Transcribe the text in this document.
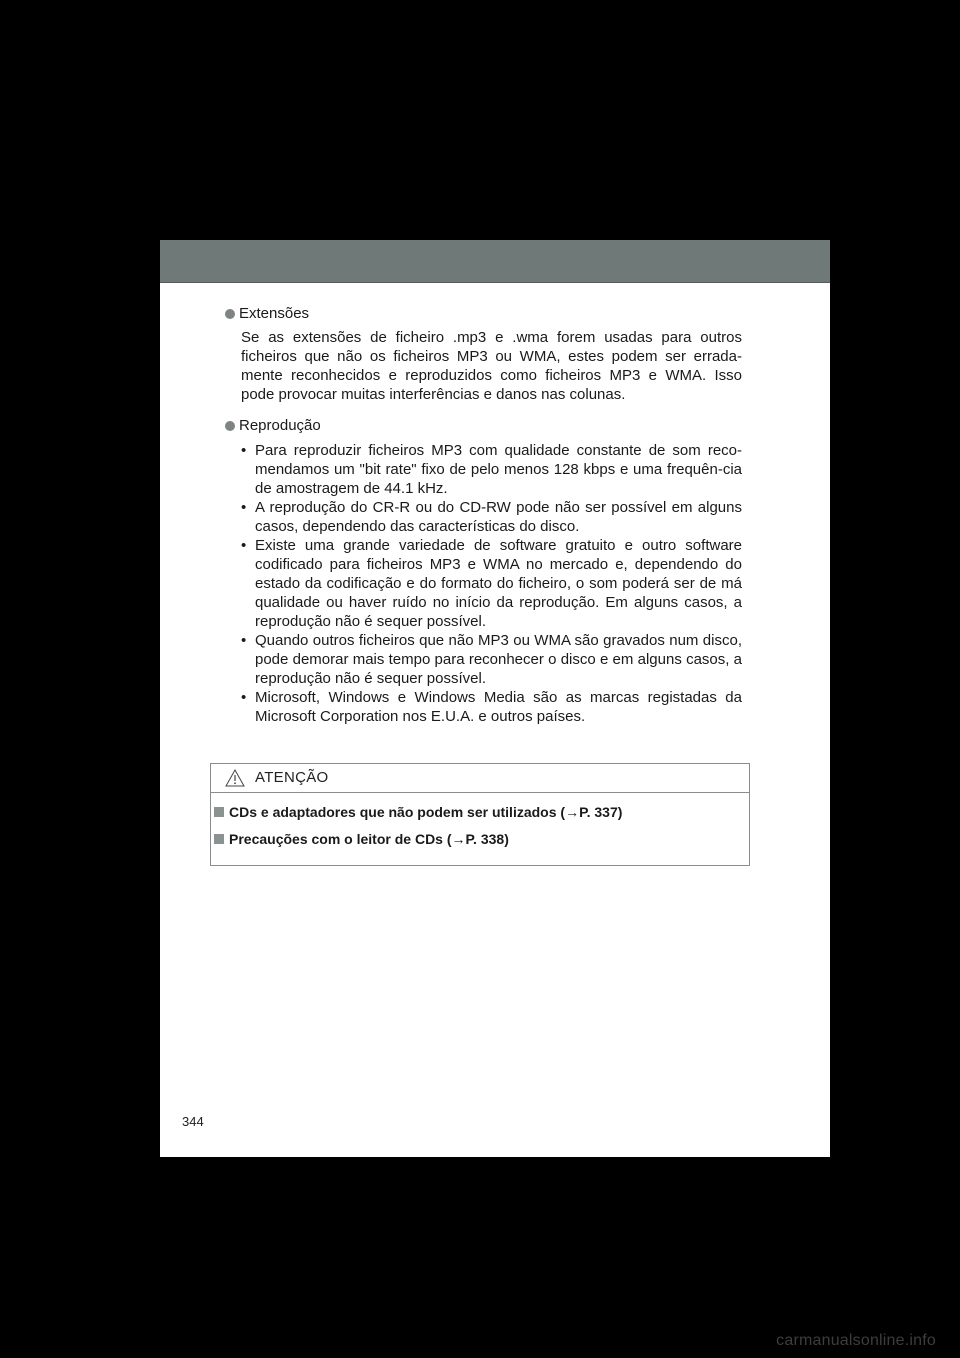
Extensões

Se as extensões de ficheiro .mp3 e .wma forem usadas para outros ficheiros que não os ficheiros MP3 ou WMA, estes podem ser errada-mente reconhecidos e reproduzidos como ficheiros MP3 e WMA. Isso pode provocar muitas interferências e danos nas colunas.

Reprodução

• Para reproduzir ficheiros MP3 com qualidade constante de som reco-mendamos um "bit rate" fixo de pelo menos 128 kbps e uma frequên-cia de amostragem de 44.1 kHz.
• A reprodução do CR-R ou do CD-RW pode não ser possível em alguns casos, dependendo das características do disco.
• Existe uma grande variedade de software gratuito e outro software codificado para ficheiros MP3 e WMA no mercado e, dependendo do estado da codificação e do formato do ficheiro, o som poderá ser de má qualidade ou haver ruído no início da reprodução. Em alguns casos, a reprodução não é sequer possível.
• Quando outros ficheiros que não MP3 ou WMA são gravados num disco, pode demorar mais tempo para reconhecer o disco e em alguns casos, a reprodução não é sequer possível.
• Microsoft, Windows e Windows Media são as marcas registadas da Microsoft Corporation nos E.U.A. e outros países.
ATENÇÃO
CDs e adaptadores que não podem ser utilizados (→P. 337)
Precauções com o leitor de CDs (→P. 338)
344
carmanualsonline.info
